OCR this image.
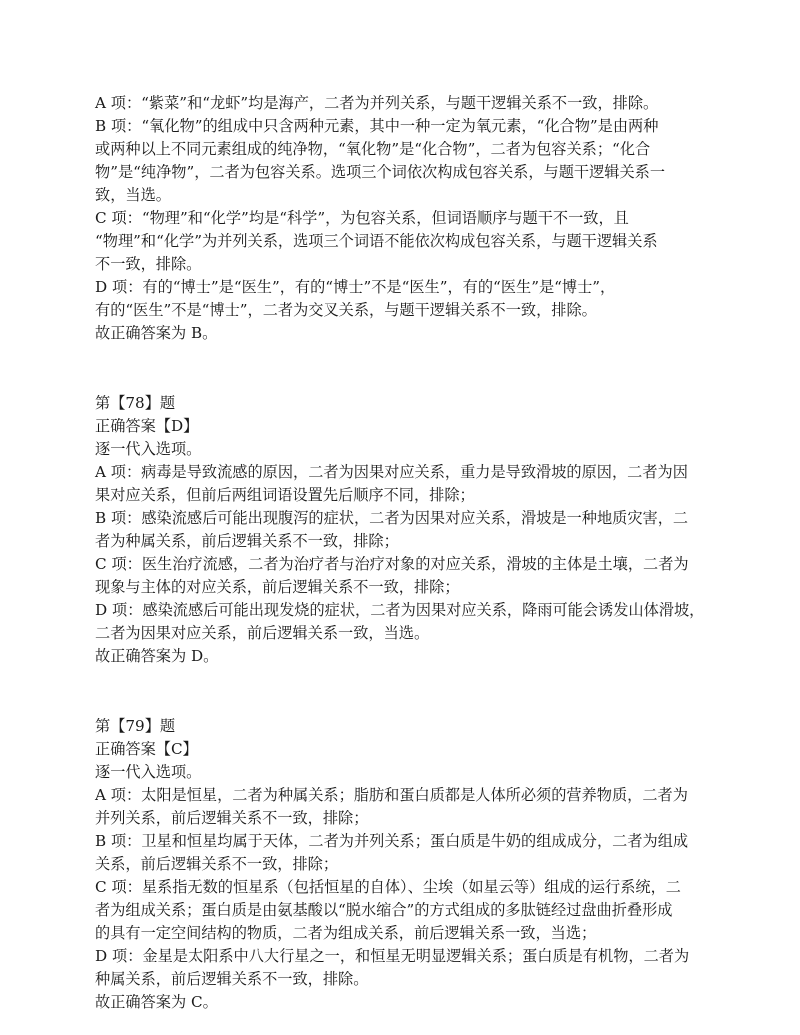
A 项：“紫菜”和“龙虾”均是海产，二者为并列关系，与题干逻辑关系不一致，排除。
B 项：“氧化物”的组成中只含两种元素，其中一种一定为氧元素，“化合物”是由两种
或两种以上不同元素组成的纯净物，“氧化物”是“化合物”，二者为包容关系；“化合
物”是“纯净物”，二者为包容关系。选项三个词依次构成包容关系，与题干逻辑关系一
致，当选。
C 项：“物理”和“化学”均是“科学”，为包容关系，但词语顺序与题干不一致，且
“物理”和“化学”为并列关系，选项三个词语不能依次构成包容关系，与题干逻辑关系
不一致，排除。
D 项：有的“博士”是“医生”，有的“博士”不是“医生”，有的“医生”是“博士”，
有的“医生”不是“博士”，二者为交叉关系，与题干逻辑关系不一致，排除。
故正确答案为 B。
第【78】题
正确答案【D】
逐一代入选项。
A 项：病毒是导致流感的原因，二者为因果对应关系，重力是导致滑坡的原因，二者为因
果对应关系，但前后两组词语设置先后顺序不同，排除；
B 项：感染流感后可能出现腹泻的症状，二者为因果对应关系，滑坡是一种地质灾害，二
者为种属关系，前后逻辑关系不一致，排除；
C 项：医生治疗流感，二者为治疗者与治疗对象的对应关系，滑坡的主体是土壤，二者为
现象与主体的对应关系，前后逻辑关系不一致，排除；
D 项：感染流感后可能出现发烧的症状，二者为因果对应关系，降雨可能会诱发山体滑坡，
二者为因果对应关系，前后逻辑关系一致，当选。
故正确答案为 D。
第【79】题
正确答案【C】
逐一代入选项。
A 项：太阳是恒星，二者为种属关系；脂肪和蛋白质都是人体所必须的营养物质，二者为
并列关系，前后逻辑关系不一致，排除；
B 项：卫星和恒星均属于天体，二者为并列关系；蛋白质是牛奶的组成成分，二者为组成
关系，前后逻辑关系不一致，排除；
C 项：星系指无数的恒星系（包括恒星的自体）、尘埃（如星云等）组成的运行系统，二
者为组成关系；蛋白质是由氨基酸以“脱水缩合”的方式组成的多肽链经过盘曲折叠形成
的具有一定空间结构的物质，二者为组成关系，前后逻辑关系一致，当选；
D 项：金星是太阳系中八大行星之一，和恒星无明显逻辑关系；蛋白质是有机物，二者为
种属关系，前后逻辑关系不一致，排除。
故正确答案为 C。
